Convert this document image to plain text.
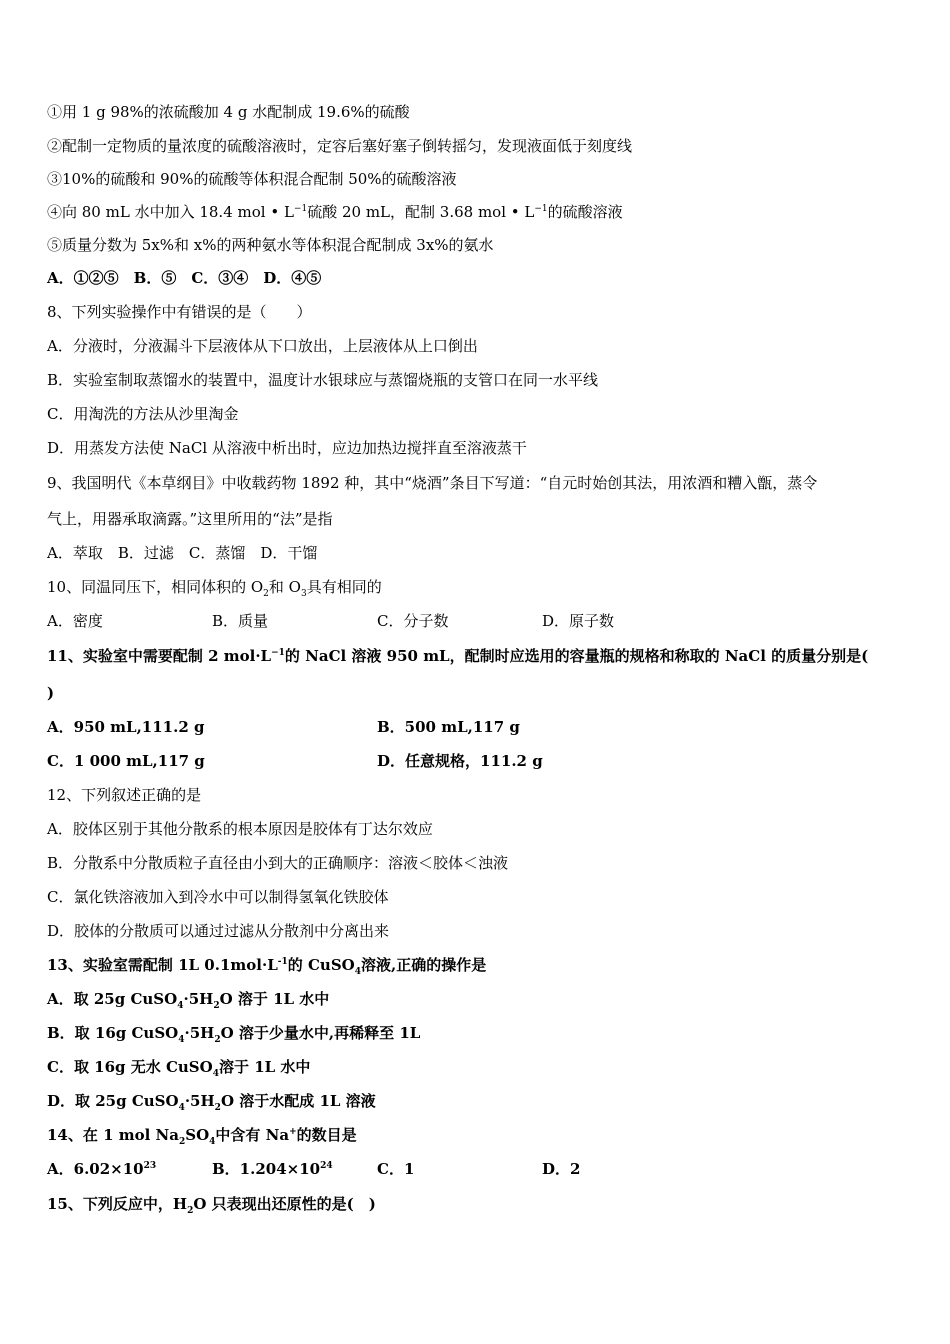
①用 1 g 98%的浓硫酸加 4 g 水配制成 19.6%的硫酸
②配制一定物质的量浓度的硫酸溶液时，定容后塞好塞子倒转摇匀，发现液面低于刻度线
③10%的硫酸和 90%的硫酸等体积混合配制 50%的硫酸溶液
④向 80 mL 水中加入 18.4 mol • $L^{-1}$硫酸 20 mL，配制 3.68 mol • $L^{-1}$的硫酸溶液
⑤质量分数为 5x%和 x%的两种氨水等体积混合配制成 3x%的氨水
A．①②⑤　B．⑤　C．③④　D．④⑤
8、下列实验操作中有错误的是（　　）
A．分液时，分液漏斗下层液体从下口放出，上层液体从上口倒出
B．实验室制取蒸馏水的装置中，温度计水银球应与蒸馏烧瓶的支管口在同一水平线
C．用淘洗的方法从沙里淘金
D．用蒸发方法使 NaCl 从溶液中析出时，应边加热边搅拌直至溶液蒸干
9、我国明代《本草纲目》中收载药物 1892 种，其中“烧酒”条目下写道：“自元时始创其法，用浓酒和糟入甑，蒸令
气上，用器承取滴露。”这里所用的“法”是指
A．萃取　B．过滤　C．蒸馏　D．干馏
10、同温同压下，相同体积的 $O_2$和 $O_3$具有相同的
A．密度	B．质量	C．分子数	D．原子数
11、实验室中需要配制 2 $mol\cdot L^{-1}$的 NaCl 溶液 950 mL，配制时应选用的容量瓶的规格和称取的 NaCl 的质量分别是(
)
A．950 mL,111.2 g	B．500 mL,117 g
C．1 000 mL,117 g	D．任意规格，111.2 g
12、下列叙述正确的是
A．胶体区别于其他分散系的根本原因是胶体有丁达尔效应
B．分散系中分散质粒子直径由小到大的正确顺序：溶液＜胶体＜浊液
C．氯化铁溶液加入到冷水中可以制得氢氧化铁胶体
D．胶体的分散质可以通过过滤从分散剂中分离出来
13、实验室需配制 1L $0.1mol\cdot L^{-1}$的 CuSO$_4$溶液,正确的操作是
A．取 25g $CuSO_4\cdot 5H_2O$ 溶于 1L 水中
B．取 16g $CuSO_4\cdot 5H_2O$ 溶于少量水中,再稀释至 1L
C．取 16g 无水 CuSO$_4$溶于 1L 水中
D．取 25g $CuSO_4\cdot 5H_2O$ 溶于水配成 1L 溶液
14、在 1 mol $Na_2SO_4$中含有 Na+的数目是
A．$6.02\times 10^{23}$	B．$1.204\times 10^{24}$	C．1	D．2
15、下列反应中，$H_2O$ 只表现出还原性的是(　)
